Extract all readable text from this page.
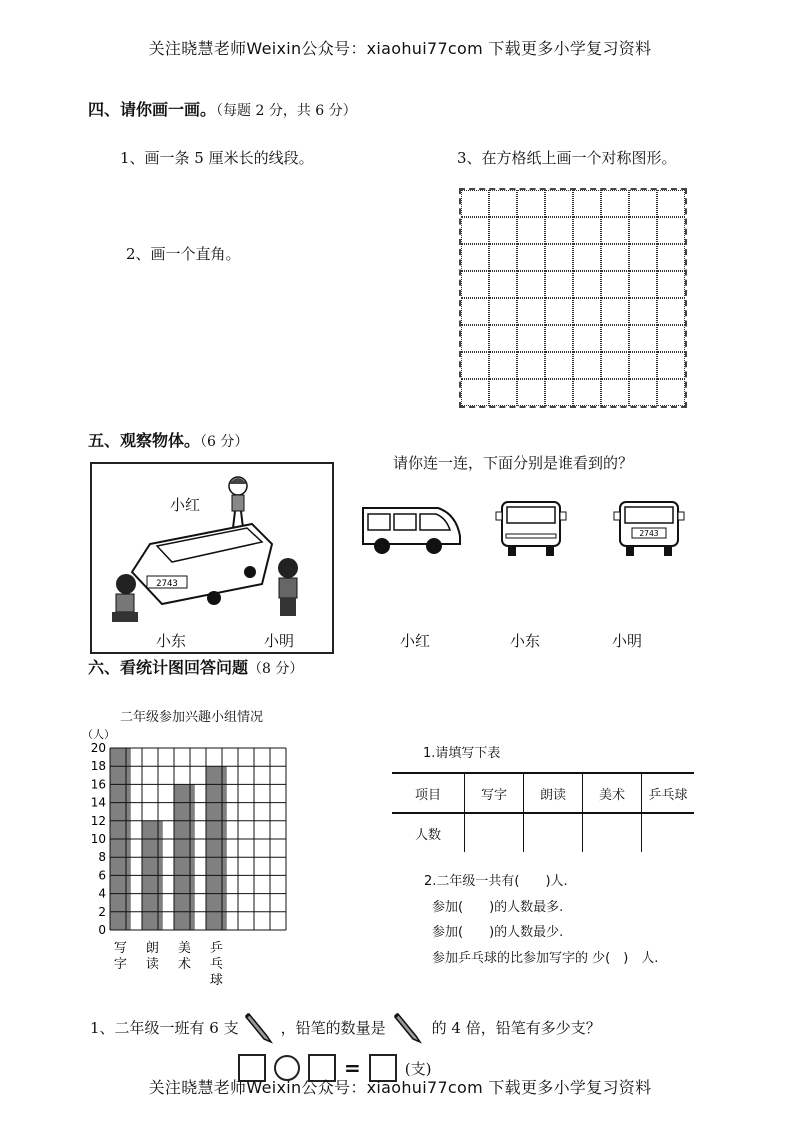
关注晓慧老师Weixin公众号：xiaohui77com 下载更多小学复习资料
四、请你画一画。（每题 2 分，共 6 分）
1、画一条 5 厘米长的线段。	3、在方格纸上画一个对称图形。
2、画一个直角。
五、观察物体。（6 分）
请你连一连，下面分别是谁看到的？
2743
小红
小东	小明
2743
小红	小东	小明
六、看统计图回答问题（8 分）
二年级参加兴趣小组情况
（人）
0
2
4
6
8
10
12
14
16
18
20
写
字
朗
读
美
术
乒
乓
球
1.请填写下表
项目	写字	朗读	美术	乒乓球
人数				
2.二年级一共有(　　)人.
参加(　　)的人数最多.
参加(　　)的人数最少.
参加乒乓球的比参加写字的 少(　)　人.
1、二年级一班有 6 支	，铅笔的数量是	的 4 倍，铅笔有多少支？
=	(支)
关注晓慧老师Weixin公众号：xiaohui77com 下载更多小学复习资料
